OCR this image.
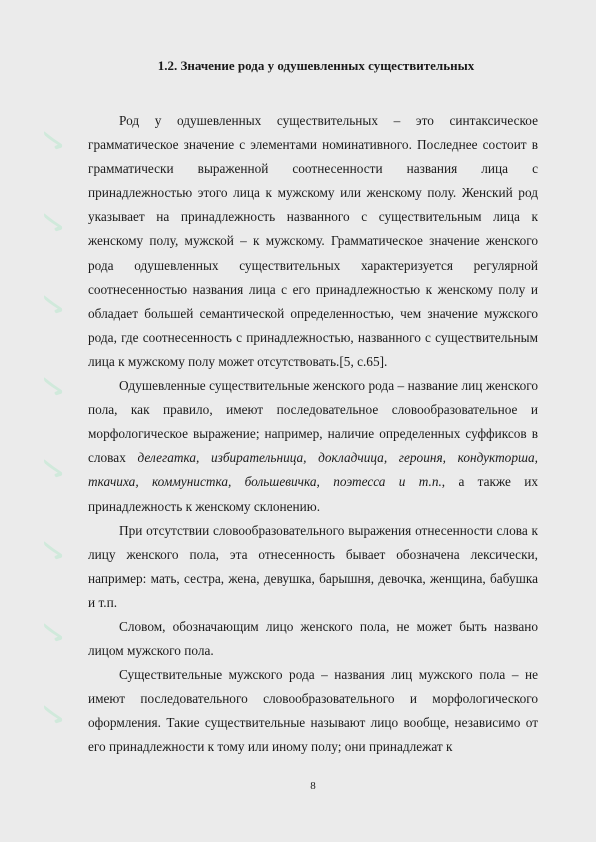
✓
✓
✓
✓
✓
✓
✓
✓
1.2. Значение рода у одушевленных существительных

Род у одушевленных существительных – это синтаксическое грамматическое значение с элементами номинативного. Последнее состоит в грамматически выраженной соотнесенности названия лица с принадлежностью этого лица к мужскому или женскому полу. Женский род указывает на принадлежность названного с существительным лица к женскому полу, мужской – к мужскому. Грамматическое значение женского рода одушевленных существительных характеризуется регулярной соотнесенностью названия лица с его принадлежностью к женскому полу и обладает большей семантической определенностью, чем значение мужского рода, где соотнесенность с принадлежностью, названного с существительным лица к мужскому полу может отсутствовать.[5, с.65].

Одушевленные существительные женского рода – название лиц женского пола, как правило, имеют последовательное словообразовательное и морфологическое выражение; например, наличие определенных суффиксов в словах делегатка, избирательница, докладчица, героиня, кондукторша, ткачиха, коммунистка, большевичка, поэтесса и т.п., а также их принадлежность к женскому склонению.

При отсутствии словообразовательного выражения отнесенности слова к лицу женского пола, эта отнесенность бывает обозначена лексически, например: мать, сестра, жена, девушка, барышня, девочка, женщина, бабушка и т.п.

Словом, обозначающим лицо женского пола, не может быть названо лицом мужского пола.

Существительные мужского рода – названия лиц мужского пола – не имеют последовательного словообразовательного и морфологического оформления. Такие существительные называют лицо вообще, независимо от его принадлежности к тому или иному полу; они принадлежат к

8
